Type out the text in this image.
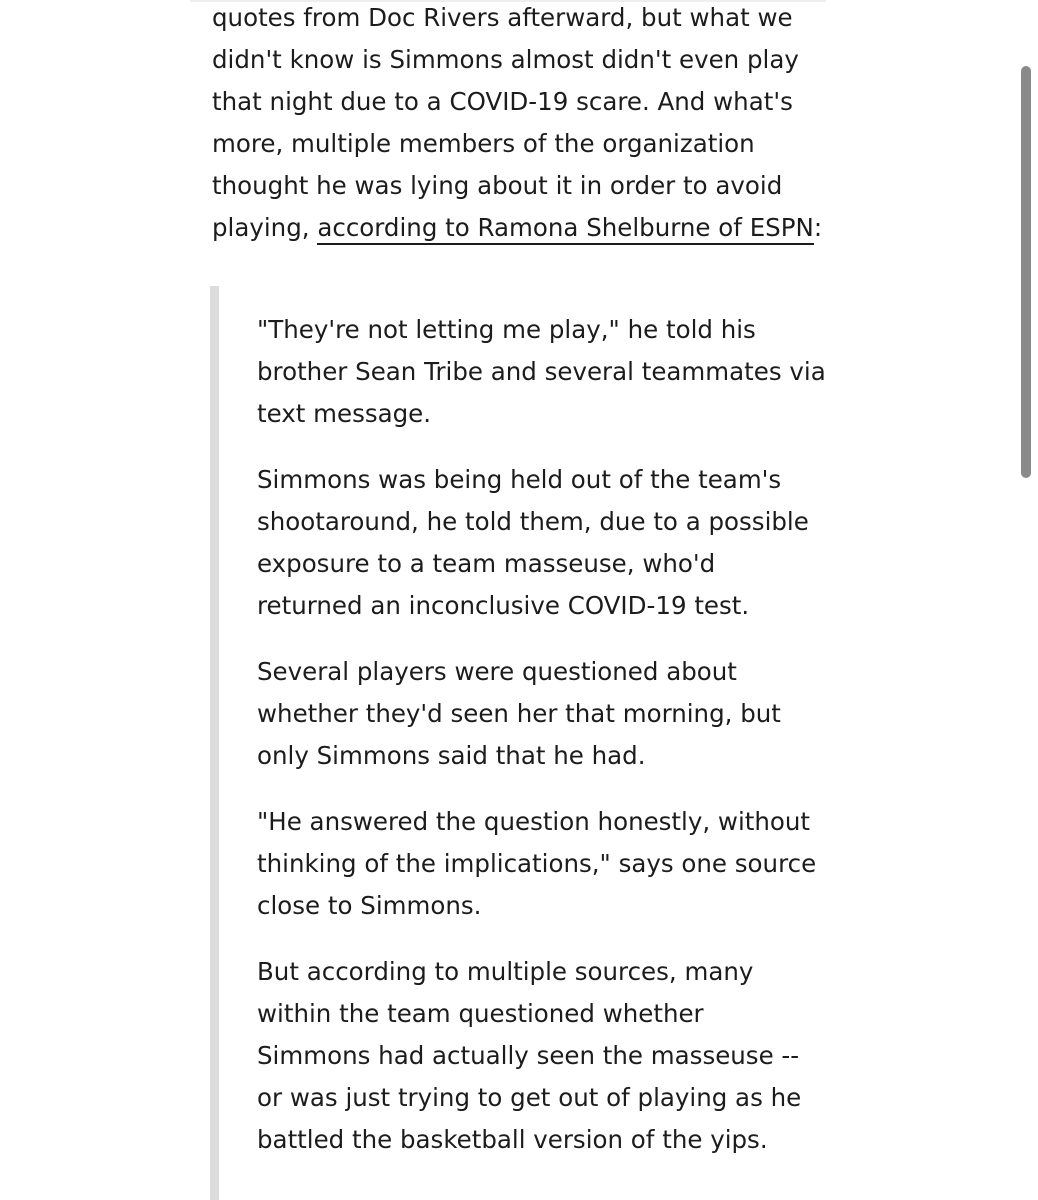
quotes from Doc Rivers afterward, but what we
didn't know is Simmons almost didn't even play
that night due to a COVID-19 scare. And what's
more, multiple members of the organization
thought he was lying about it in order to avoid
playing, according to Ramona Shelburne of ESPN:

"They're not letting me play," he told his
brother Sean Tribe and several teammates via
text message.

Simmons was being held out of the team's
shootaround, he told them, due to a possible
exposure to a team masseuse, who'd
returned an inconclusive COVID-19 test.

Several players were questioned about
whether they'd seen her that morning, but
only Simmons said that he had.

"He answered the question honestly, without
thinking of the implications," says one source
close to Simmons.

But according to multiple sources, many
within the team questioned whether
Simmons had actually seen the masseuse --
or was just trying to get out of playing as he
battled the basketball version of the yips.
